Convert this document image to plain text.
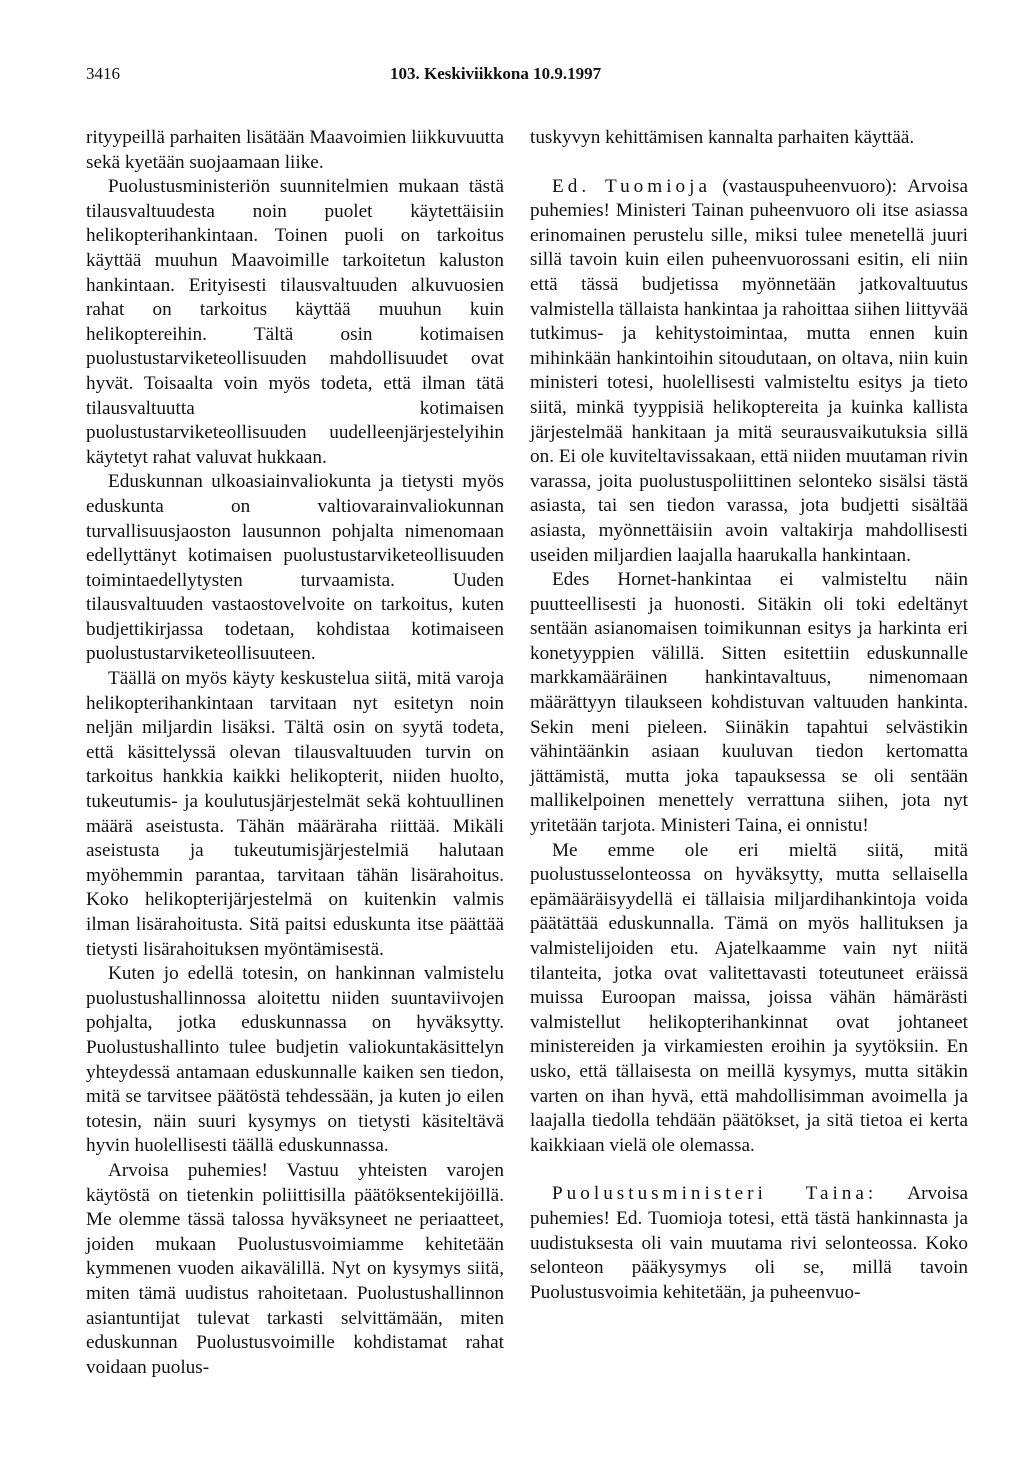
3416	103. Keskiviikkona 10.9.1997

rityypeillä parhaiten lisätään Maavoimien liikkuvuutta sekä kyetään suojaamaan liike.

Puolustusministeriön suunnitelmien mukaan tästä tilausvaltuudesta noin puolet käytettäisiin helikopterihankintaan. Toinen puoli on tarkoitus käyttää muuhun Maavoimille tarkoitetun kaluston hankintaan. Erityisesti tilausvaltuuden alkuvuosien rahat on tarkoitus käyttää muuhun kuin helikoptereihin. Tältä osin kotimaisen puolustustarviketeollisuuden mahdollisuudet ovat hyvät. Toisaalta voin myös todeta, että ilman tätä tilausvaltuutta kotimaisen puolustustarviketeollisuuden uudelleenjärjestelyihin käytetyt rahat valuvat hukkaan.

Eduskunnan ulkoasiainvaliokunta ja tietysti myös eduskunta on valtiovarainvaliokunnan turvallisuusjaoston lausunnon pohjalta nimenomaan edellyttänyt kotimaisen puolustustarviketeollisuuden toimintaedellytysten turvaamista. Uuden tilausvaltuuden vastaostovelvoite on tarkoitus, kuten budjettikirjassa todetaan, kohdistaa kotimaiseen puolustustarviketeollisuuteen.

Täällä on myös käyty keskustelua siitä, mitä varoja helikopterihankintaan tarvitaan nyt esitetyn noin neljän miljardin lisäksi. Tältä osin on syytä todeta, että käsittelyssä olevan tilausvaltuuden turvin on tarkoitus hankkia kaikki helikopterit, niiden huolto, tukeutumis- ja koulutusjärjestelmät sekä kohtuullinen määrä aseistusta. Tähän määräraha riittää. Mikäli aseistusta ja tukeutumisjärjestelmiä halutaan myöhemmin parantaa, tarvitaan tähän lisärahoitus. Koko helikopterijärjestelmä on kuitenkin valmis ilman lisärahoitusta. Sitä paitsi eduskunta itse päättää tietysti lisärahoituksen myöntämisestä.

Kuten jo edellä totesin, on hankinnan valmistelu puolustushallinnossa aloitettu niiden suuntaviivojen pohjalta, jotka eduskunnassa on hyväksytty. Puolustushallinto tulee budjetin valiokuntakäsittelyn yhteydessä antamaan eduskunnalle kaiken sen tiedon, mitä se tarvitsee päätöstä tehdessään, ja kuten jo eilen totesin, näin suuri kysymys on tietysti käsiteltävä hyvin huolellisesti täällä eduskunnassa.

Arvoisa puhemies! Vastuu yhteisten varojen käytöstä on tietenkin poliittisilla päätöksentekijöillä. Me olemme tässä talossa hyväksyneet ne periaatteet, joiden mukaan Puolustusvoimiamme kehitetään kymmenen vuoden aikavälillä. Nyt on kysymys siitä, miten tämä uudistus rahoitetaan. Puolustushallinnon asiantuntijat tulevat tarkasti selvittämään, miten eduskunnan Puolustusvoimille kohdistamat rahat voidaan puolus-

tuskyvyn kehittämisen kannalta parhaiten käyttää.

Ed. Tuomioja (vastauspuheenvuoro): Arvoisa puhemies! Ministeri Tainan puheenvuoro oli itse asiassa erinomainen perustelu sille, miksi tulee menetellä juuri sillä tavoin kuin eilen puheenvuorossani esitin, eli niin että tässä budjetissa myönnetään jatkovaltuutus valmistella tällaista hankintaa ja rahoittaa siihen liittyvää tutkimus- ja kehitystoimintaa, mutta ennen kuin mihinkään hankintoihin sitoudutaan, on oltava, niin kuin ministeri totesi, huolellisesti valmisteltu esitys ja tieto siitä, minkä tyyppisiä helikoptereita ja kuinka kallista järjestelmää hankitaan ja mitä seurausvaikutuksia sillä on. Ei ole kuviteltavissakaan, että niiden muutaman rivin varassa, joita puolustuspoliittinen selonteko sisälsi tästä asiasta, tai sen tiedon varassa, jota budjetti sisältää asiasta, myönnettäisiin avoin valtakirja mahdollisesti useiden miljardien laajalla haarukalla hankintaan.

Edes Hornet-hankintaa ei valmisteltu näin puutteellisesti ja huonosti. Sitäkin oli toki edeltänyt sentään asianomaisen toimikunnan esitys ja harkinta eri konetyyppien välillä. Sitten esitettiin eduskunnalle markkamääräinen hankintavaltuus, nimenomaan määrättyyn tilaukseen kohdistuvan valtuuden hankinta. Sekin meni pieleen. Siinäkin tapahtui selvästikin vähintäänkin asiaan kuuluvan tiedon kertomatta jättämistä, mutta joka tapauksessa se oli sentään mallikelpoinen menettely verrattuna siihen, jota nyt yritetään tarjota. Ministeri Taina, ei onnistu!

Me emme ole eri mieltä siitä, mitä puolustusselonteossa on hyväksytty, mutta sellaisella epämääräisyydellä ei tällaisia miljardihankintoja voida päätättää eduskunnalla. Tämä on myös hallituksen ja valmistelijoiden etu. Ajatelkaamme vain nyt niitä tilanteita, jotka ovat valitettavasti toteutuneet eräissä muissa Euroopan maissa, joissa vähän hämärästi valmistellut helikopterihankinnat ovat johtaneet ministereiden ja virkamiesten eroihin ja syytöksiin. En usko, että tällaisesta on meillä kysymys, mutta sitäkin varten on ihan hyvä, että mahdollisimman avoimella ja laajalla tiedolla tehdään päätökset, ja sitä tietoa ei kerta kaikkiaan vielä ole olemassa.

Puolustusministeri Taina: Arvoisa puhemies! Ed. Tuomioja totesi, että tästä hankinnasta ja uudistuksesta oli vain muutama rivi selonteossa. Koko selonteon pääkysymys oli se, millä tavoin Puolustusvoimia kehitetään, ja puheenvuo-
